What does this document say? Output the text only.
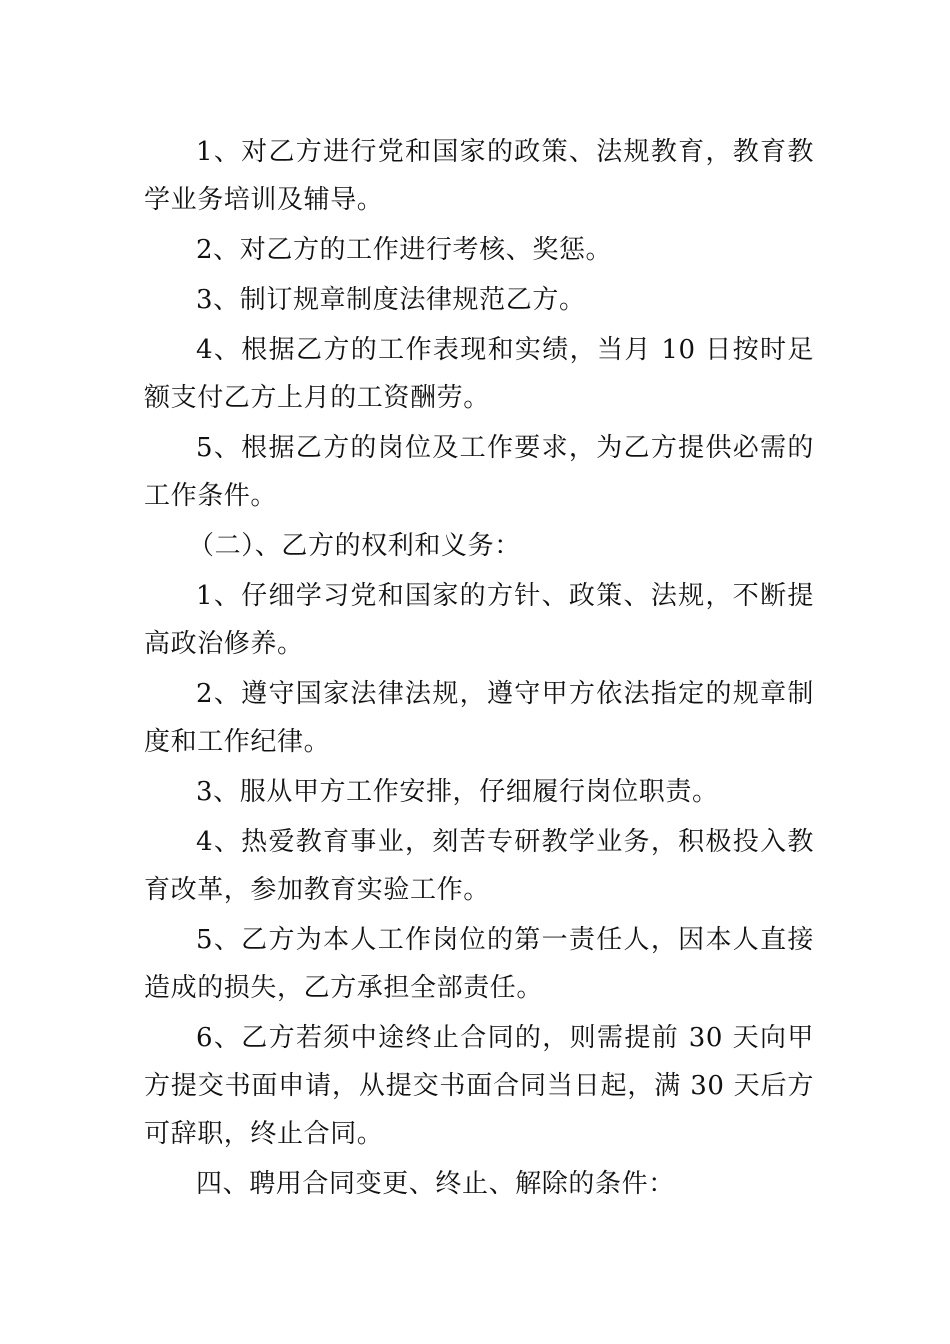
1、对乙方进行党和国家的政策、法规教育，教育教学业务培训及辅导。

2、对乙方的工作进行考核、奖惩。

3、制订规章制度法律规范乙方。

4、根据乙方的工作表现和实绩，当月 10 日按时足额支付乙方上月的工资酬劳。

5、根据乙方的岗位及工作要求，为乙方提供必需的工作条件。

（二）、乙方的权利和义务：

1、仔细学习党和国家的方针、政策、法规，不断提高政治修养。

2、遵守国家法律法规，遵守甲方依法指定的规章制度和工作纪律。

3、服从甲方工作安排，仔细履行岗位职责。

4、热爱教育事业，刻苦专研教学业务，积极投入教育改革，参加教育实验工作。

5、乙方为本人工作岗位的第一责任人，因本人直接造成的损失，乙方承担全部责任。

6、乙方若须中途终止合同的，则需提前 30 天向甲方提交书面申请，从提交书面合同当日起，满 30 天后方可辞职，终止合同。

四、聘用合同变更、终止、解除的条件：
